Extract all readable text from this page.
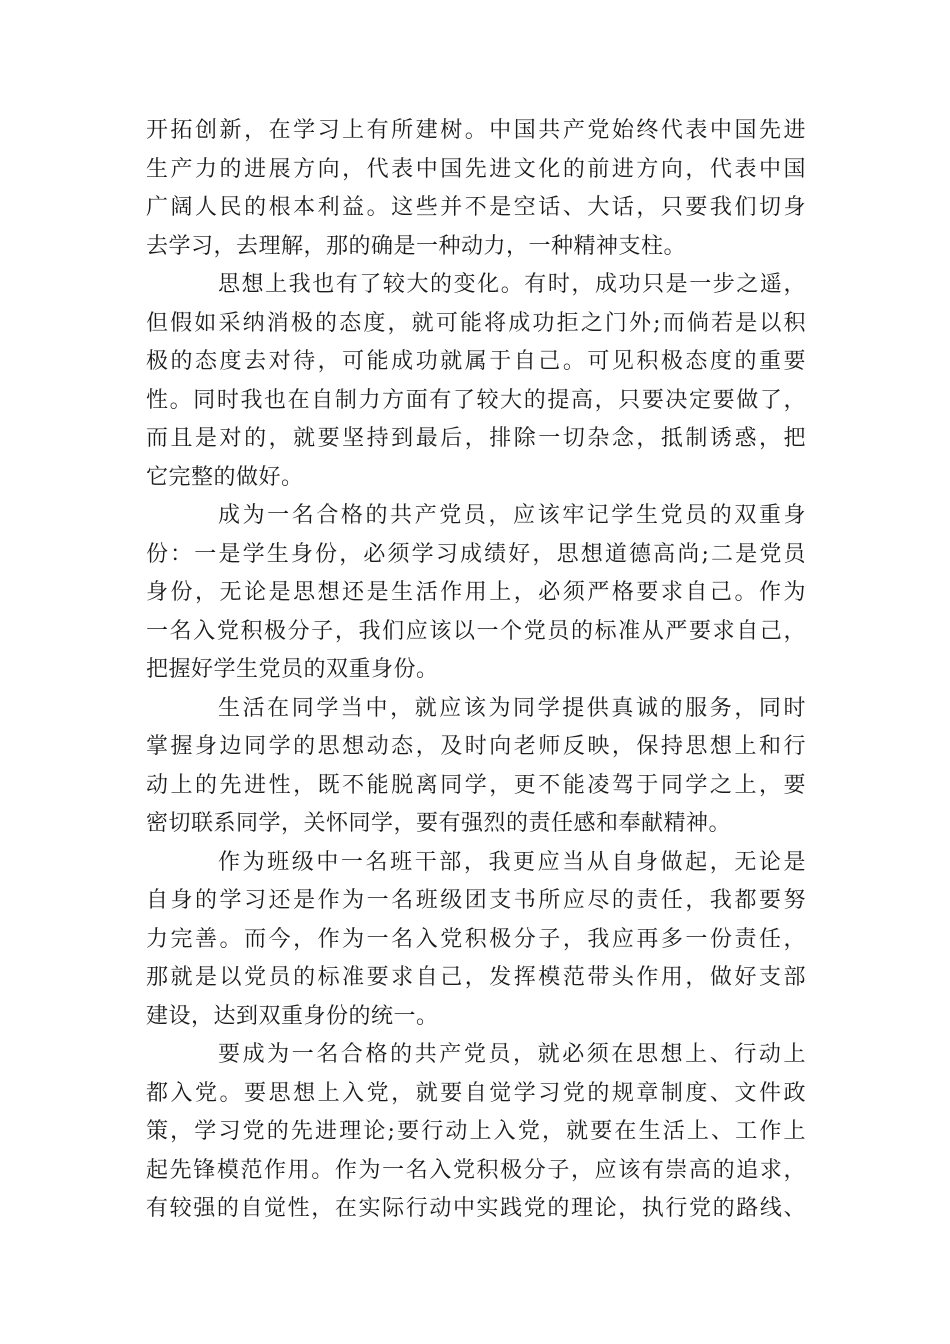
开拓创新，在学习上有所建树。中国共产党始终代表中国先进
生产力的进展方向，代表中国先进文化的前进方向，代表中国
广阔人民的根本利益。这些并不是空话、大话，只要我们切身
去学习，去理解，那的确是一种动力，一种精神支柱。
思想上我也有了较大的变化。有时，成功只是一步之遥，
但假如采纳消极的态度，就可能将成功拒之门外;而倘若是以积
极的态度去对待，可能成功就属于自己。可见积极态度的重要
性。同时我也在自制力方面有了较大的提高，只要决定要做了，
而且是对的，就要坚持到最后，排除一切杂念，抵制诱惑，把
它完整的做好。
成为一名合格的共产党员，应该牢记学生党员的双重身
份：一是学生身份，必须学习成绩好，思想道德高尚;二是党员
身份，无论是思想还是生活作用上，必须严格要求自己。作为
一名入党积极分子，我们应该以一个党员的标准从严要求自己，
把握好学生党员的双重身份。
生活在同学当中，就应该为同学提供真诚的服务，同时
掌握身边同学的思想动态，及时向老师反映，保持思想上和行
动上的先进性，既不能脱离同学，更不能凌驾于同学之上，要
密切联系同学，关怀同学，要有强烈的责任感和奉献精神。
作为班级中一名班干部，我更应当从自身做起，无论是
自身的学习还是作为一名班级团支书所应尽的责任，我都要努
力完善。而今，作为一名入党积极分子，我应再多一份责任，
那就是以党员的标准要求自己，发挥模范带头作用，做好支部
建设，达到双重身份的统一。
要成为一名合格的共产党员，就必须在思想上、行动上
都入党。要思想上入党，就要自觉学习党的规章制度、文件政
策，学习党的先进理论;要行动上入党，就要在生活上、工作上
起先锋模范作用。作为一名入党积极分子，应该有崇高的追求，
有较强的自觉性，在实际行动中实践党的理论，执行党的路线、
